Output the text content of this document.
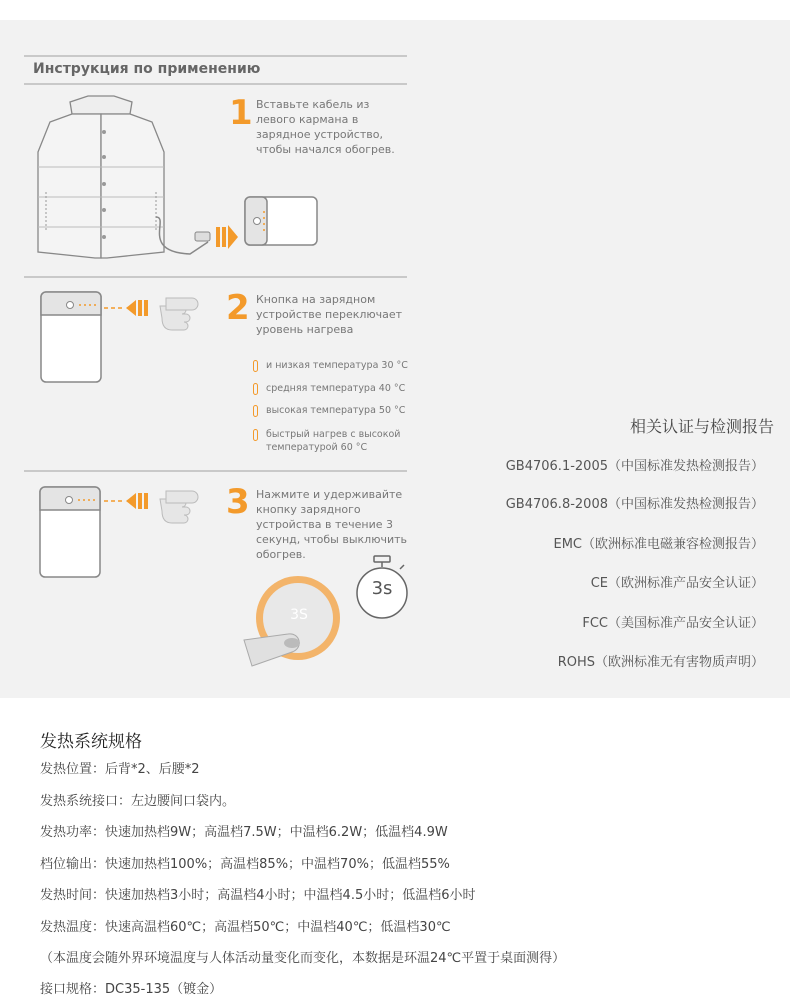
Инструкция по применению
1 Вставьте кабель из
левого кармана в
зарядное устройство,
чтобы начался обогрев.
2 Кнопка на зарядном
устройстве переключает
уровень нагрева

и низкая температура 30 °C

средняя температура 40 °C

высокая температура 50 °C

быстрый нагрев с высокой
температурой 60 °C

3 Нажмите и удерживайте
кнопку зарядного
устройства в течение 3
секунд, чтобы выключить
обогрев.
3s
3S
相关认证与检测报告
GB4706.1-2005（中国标准发热检测报告）
GB4706.8-2008（中国标准发热检测报告）
EMC（欧洲标准电磁兼容检测报告）
CE（欧洲标准产品安全认证）
FCC（美国标准产品安全认证）
ROHS（欧洲标准无有害物质声明）
发热系统规格
发热位置：后背*2、后腰*2
发热系统接口：左边腰间口袋内。
发热功率：快速加热档9W；高温档7.5W；中温档6.2W；低温档4.9W
档位输出：快速加热档100%；高温档85%；中温档70%；低温档55%
发热时间：快速加热档3小时；高温档4小时；中温档4.5小时；低温档6小时
发热温度：快速高温档60℃；高温档50℃；中温档40℃；低温档30℃
（本温度会随外界环境温度与人体活动量变化而变化，本数据是环温24℃平置于桌面测得）
接口规格：DC35-135（镀金）
